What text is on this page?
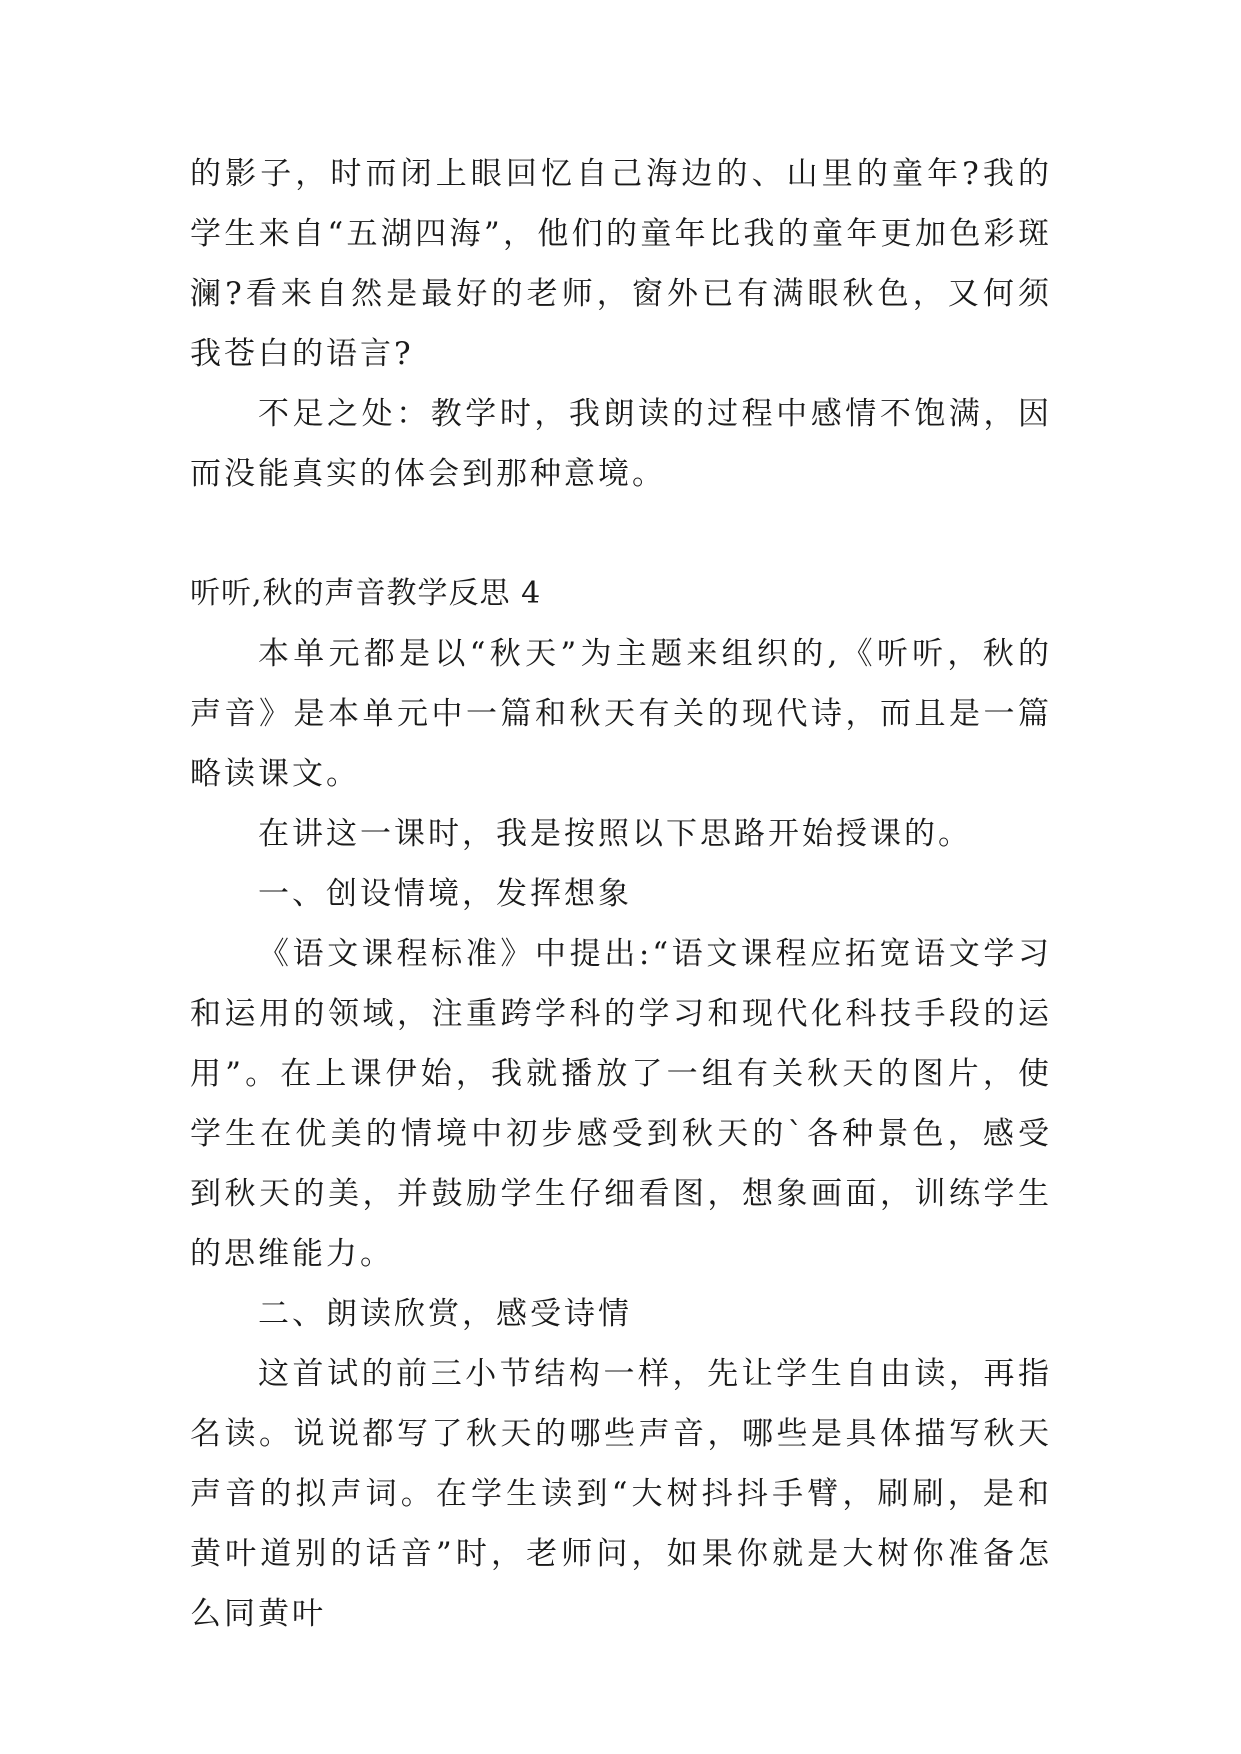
的影子，时而闭上眼回忆自己海边的、山里的童年?我的学生来自“五湖四海”，他们的童年比我的童年更加色彩斑澜?看来自然是最好的老师，窗外已有满眼秋色，又何须我苍白的语言?

不足之处：教学时，我朗读的过程中感情不饱满，因而没能真实的体会到那种意境。

听听,秋的声音教学反思 4

本单元都是以“秋天”为主题来组织的,《听听，秋的声音》是本单元中一篇和秋天有关的现代诗，而且是一篇略读课文。

在讲这一课时，我是按照以下思路开始授课的。

一、创设情境，发挥想象

《语文课程标准》中提出:“语文课程应拓宽语文学习和运用的领域，注重跨学科的学习和现代化科技手段的运用”。在上课伊始，我就播放了一组有关秋天的图片，使学生在优美的情境中初步感受到秋天的`各种景色，感受到秋天的美，并鼓励学生仔细看图，想象画面，训练学生的思维能力。

二、朗读欣赏，感受诗情

这首试的前三小节结构一样，先让学生自由读，再指名读。说说都写了秋天的哪些声音，哪些是具体描写秋天声音的拟声词。在学生读到“大树抖抖手臂，刷刷，是和黄叶道别的话音”时，老师问，如果你就是大树你准备怎么同黄叶
